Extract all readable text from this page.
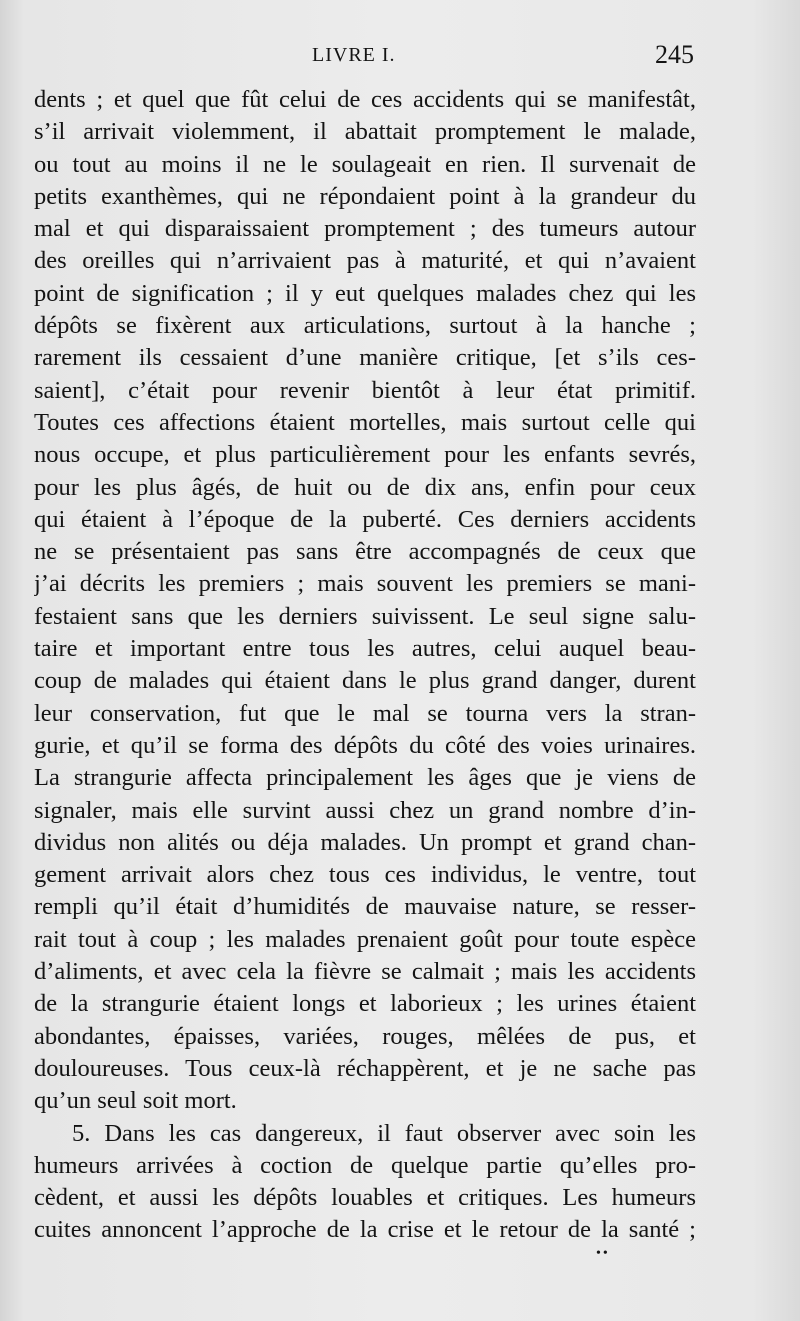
LIVRE I.	245
dents ; et quel que fût celui de ces accidents qui se manifestât,
s’il arrivait violemment, il abattait promptement le malade,
ou tout au moins il ne le soulageait en rien. Il survenait de
petits exanthèmes, qui ne répondaient point à la grandeur du
mal et qui disparaissaient promptement ; des tumeurs autour
des oreilles qui n’arrivaient pas à maturité, et qui n’avaient
point de signification ; il y eut quelques malades chez qui les
dépôts se fixèrent aux articulations, surtout à la hanche ;
rarement ils cessaient d’une manière critique, [et s’ils ces-
saient], c’était pour revenir bientôt à leur état primitif.
Toutes ces affections étaient mortelles, mais surtout celle qui
nous occupe, et plus particulièrement pour les enfants sevrés,
pour les plus âgés, de huit ou de dix ans, enfin pour ceux
qui étaient à l’époque de la puberté. Ces derniers accidents
ne se présentaient pas sans être accompagnés de ceux que
j’ai décrits les premiers ; mais souvent les premiers se mani-
festaient sans que les derniers suivissent. Le seul signe salu-
taire et important entre tous les autres, celui auquel beau-
coup de malades qui étaient dans le plus grand danger, durent
leur conservation, fut que le mal se tourna vers la stran-
gurie, et qu’il se forma des dépôts du côté des voies urinaires.
La strangurie affecta principalement les âges que je viens de
signaler, mais elle survint aussi chez un grand nombre d’in-
dividus non alités ou déja malades. Un prompt et grand chan-
gement arrivait alors chez tous ces individus, le ventre, tout
rempli qu’il était d’humidités de mauvaise nature, se resser-
rait tout à coup ; les malades prenaient goût pour toute espèce
d’aliments, et avec cela la fièvre se calmait ; mais les accidents
de la strangurie étaient longs et laborieux ; les urines étaient
abondantes, épaisses, variées, rouges, mêlées de pus, et
douloureuses. Tous ceux-là réchappèrent, et je ne sache pas
qu’un seul soit mort.
5. Dans les cas dangereux, il faut observer avec soin les
humeurs arrivées à coction de quelque partie qu’elles pro-
cèdent, et aussi les dépôts louables et critiques. Les humeurs
cuites annoncent l’approche de la crise et le retour de la santé ;
••
